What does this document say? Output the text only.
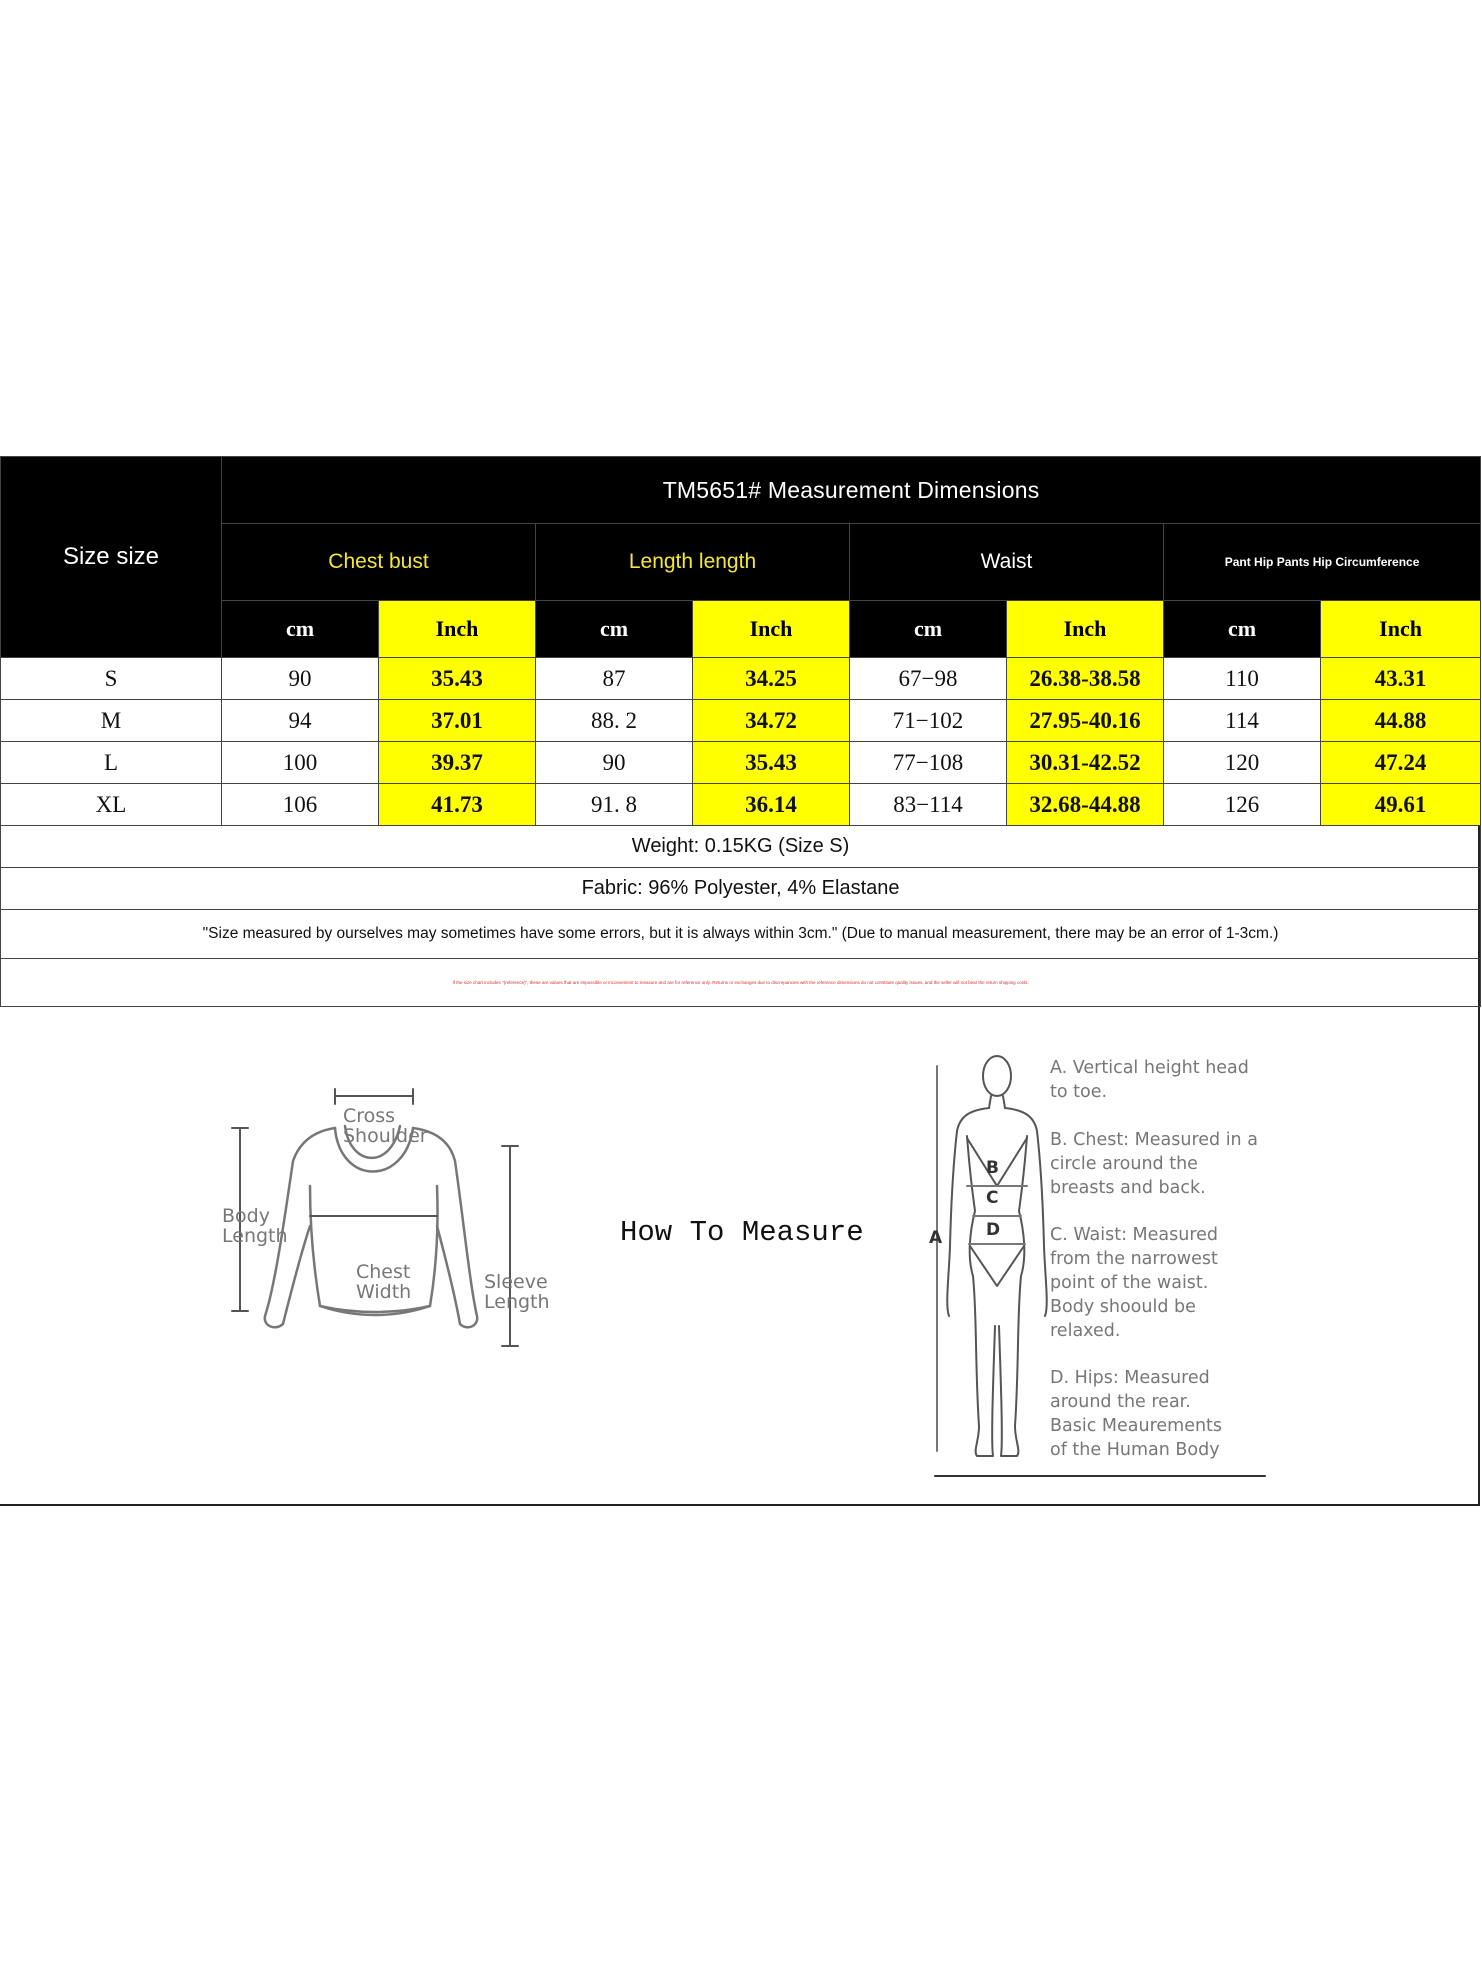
Size size	TM5651# Measurement Dimensions							
	Chest bust		Length length		Waist		Pant Hip Pants Hip Circumference	
	cm	Inch	cm	Inch	cm	Inch	cm	Inch
S	90	35.43	87	34.25	67−98	26.38-38.58	110	43.31
M	94	37.01	88. 2	34.72	71−102	27.95-40.16	114	44.88
L	100	39.37	90	35.43	77−108	30.31-42.52	120	47.24
XL	106	41.73	91. 8	36.14	83−114	32.68-44.88	126	49.61
Weight: 0.15KG (Size S)								
Fabric: 96% Polyester, 4% Elastane								
"Size measured by ourselves may sometimes have some errors, but it is always within 3cm." (Due to manual measurement, there may be an error of 1-3cm.)								
If the size chart includes "(reference)", these are values that are impossible or inconvenient to measure and are for reference only. Returns or exchanges due to discrepancies with the reference dimensions do not constitute quality issues, and the seller will not bear the return shipping costs.								
Cross
Shoulder
Body
Length
Chest
Width	Sleeve
Length
How To Measure	A
B
C
D
A. Vertical height head
to toe.
B. Chest: Measured in a
circle around the
breasts and back.
C. Waist: Measured
from the narrowest
point of the waist.
Body shoould be
relaxed.
D. Hips: Measured
around the rear.
Basic Meaurements
of the Human Body
